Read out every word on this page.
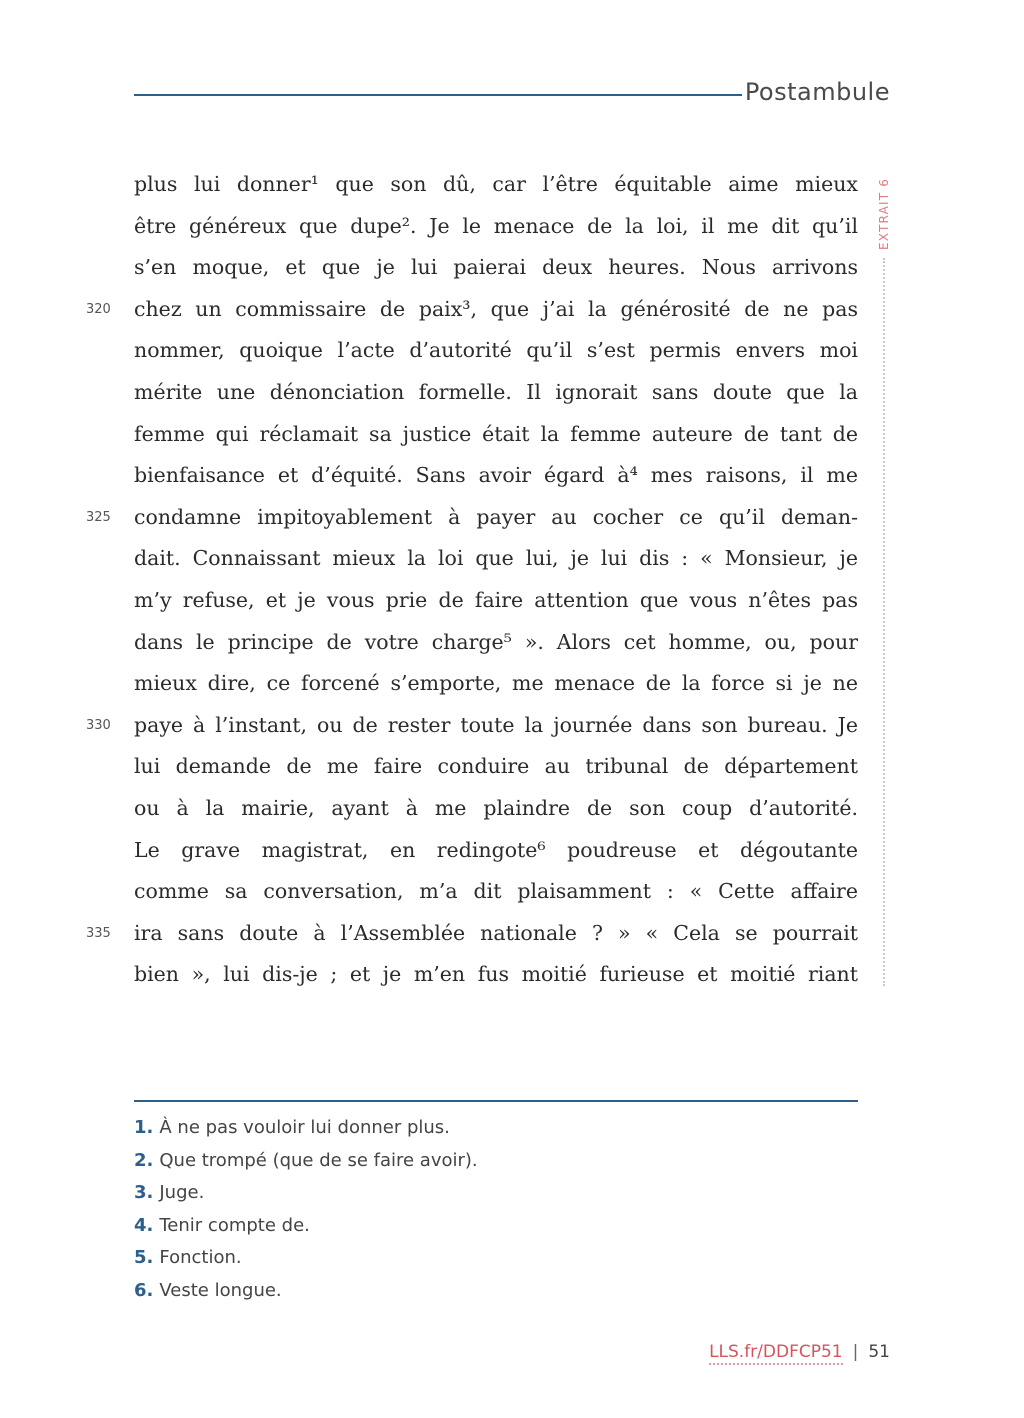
Postambule
EXTRAIT 6
plus lui donner¹ que son dû, car l’être équitable aime mieux
être généreux que dupe². Je le menace de la loi, il me dit qu’il
s’en moque, et que je lui paierai deux heures. Nous arrivons
320	chez un commissaire de paix³, que j’ai la générosité de ne pas
nommer, quoique l’acte d’autorité qu’il s’est permis envers moi
mérite une dénonciation formelle. Il ignorait sans doute que la
femme qui réclamait sa justice était la femme auteure de tant de
bienfaisance et d’équité. Sans avoir égard à⁴ mes raisons, il me
325	condamne impitoyablement à payer au cocher ce qu’il deman-
dait. Connaissant mieux la loi que lui, je lui dis : « Monsieur, je
m’y refuse, et je vous prie de faire attention que vous n’êtes pas
dans le principe de votre charge⁵ ». Alors cet homme, ou, pour
mieux dire, ce forcené s’emporte, me menace de la force si je ne
330	paye à l’instant, ou de rester toute la journée dans son bureau. Je
lui demande de me faire conduire au tribunal de département
ou à la mairie, ayant à me plaindre de son coup d’autorité.
Le grave magistrat, en redingote⁶ poudreuse et dégoutante
comme sa conversation, m’a dit plaisamment : « Cette affaire
335	ira sans doute à l’Assemblée nationale ? » « Cela se pourrait
bien », lui dis-je ; et je m’en fus moitié furieuse et moitié riant
1. À ne pas vouloir lui donner plus.
2. Que trompé (que de se faire avoir).
3. Juge.
4. Tenir compte de.
5. Fonction.
6. Veste longue.
LLS.fr/DDFCP51 | 51
